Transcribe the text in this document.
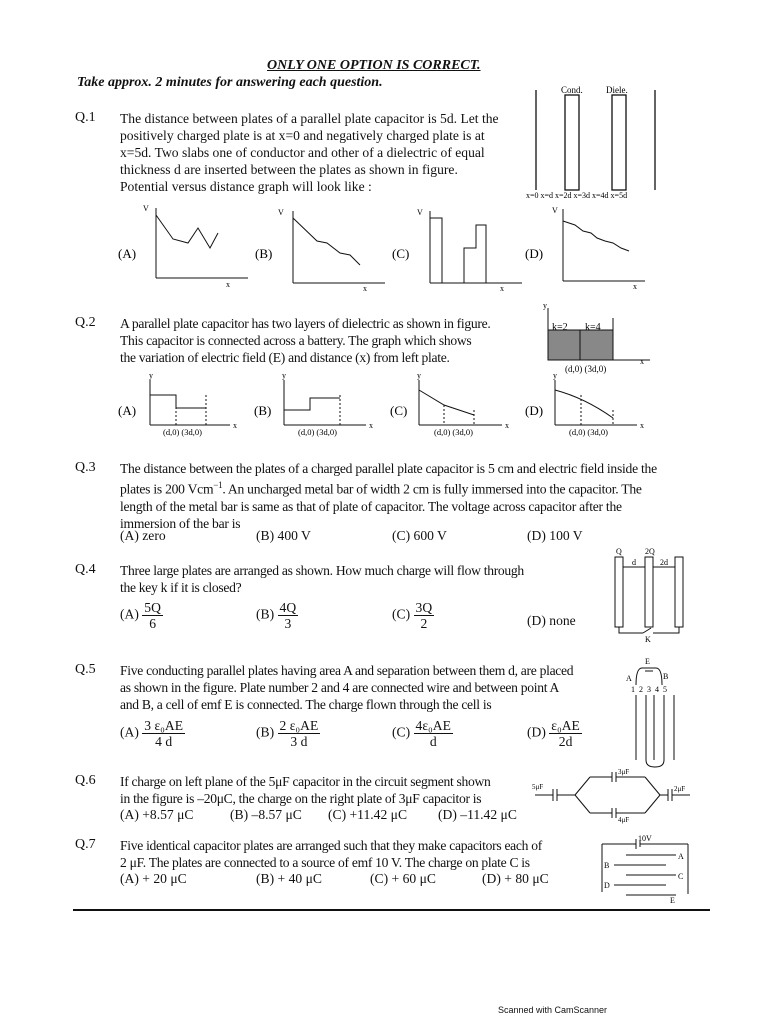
ONLY ONE OPTION IS CORRECT.
Take approx. 2 minutes for answering each question.
Q.1 The distance between plates of a parallel plate capacitor is 5d. Let the
positively charged plate is at x=0 and negatively charged plate is at
x=5d. Two slabs one of conductor and other of a dielectric of equal
thickness d are inserted between the plates as shown in figure.
Potential versus distance graph will look like :
Cond.	Diele.
x=0 x=d x=2d x=3d x=4d x=5d
V
x
(A)
V
x
(B)
V
x
(C)
V
x
(D)
Q.2 A parallel plate capacitor has two layers of dielectric as shown in figure.
This capacitor is connected across a battery. The graph which shows
the variation of electric field (E) and distance (x) from left plate.
y
x
k=2 k=4
(d,0) (3d,0)
y
x
(d,0) (3d,0)
(A)
y
x
(d,0) (3d,0)
(B)
y
x
(d,0) (3d,0)
(C)
y
x
(d,0) (3d,0)
(D)
Q.3 The distance between the plates of a charged parallel plate capacitor is 5 cm and electric field inside the
plates is 200 Vcm$^{-1}$. An uncharged metal bar of width 2 cm is fully immersed into the capacitor. The
length of the metal bar is same as that of plate of capacitor. The voltage across capacitor after the
immersion of the bar is
(A) zero	(B) 400 V	(C) 600 V	(D) 100 V
Q.4 Three large plates are arranged as shown. How much charge will flow through
the key k if it is closed?
$(A) \frac{5Q}{6}$	$(B) \frac{4Q}{3}$	$(C) \frac{3Q}{2}$	(D) none
Q	2Q
d	2d
K
Q.5 Five conducting parallel plates having area A and separation between them d, are placed
as shown in the figure. Plate number 2 and 4 are connected wire and between point A
and B, a cell of emf E is connected. The charge flown through the cell is
$(A) \frac{\text{3 ε₀AE}}{4 d}$	$(B) \frac{\text{2 ε₀AE}}{3 d}$	$(C) \frac{\text{4ε₀AE}}{d}$	$(D) \frac{\text{ε₀AE}}{2d}$
E
A	B
1 2 3 4 5
Q.6 If charge on left plane of the 5μF capacitor in the circuit segment shown
in the figure is –20μC, the charge on the right plate of 3μF capacitor is
(A) +8.57 μC	(B) –8.57 μC (C) +11.42 μC (D) –11.42 μC
5μF
3μF
4μF
2μF
Q.7 Five identical capacitor plates are arranged such that they make capacitors each of
2 μF. The plates are connected to a source of emf 10 V. The charge on plate C is
(A) + 20 μC	(B) + 40 μC	(C) + 60 μC	(D) + 80 μC
10V
A
B
C
D
E
Scanned with CamScanner
